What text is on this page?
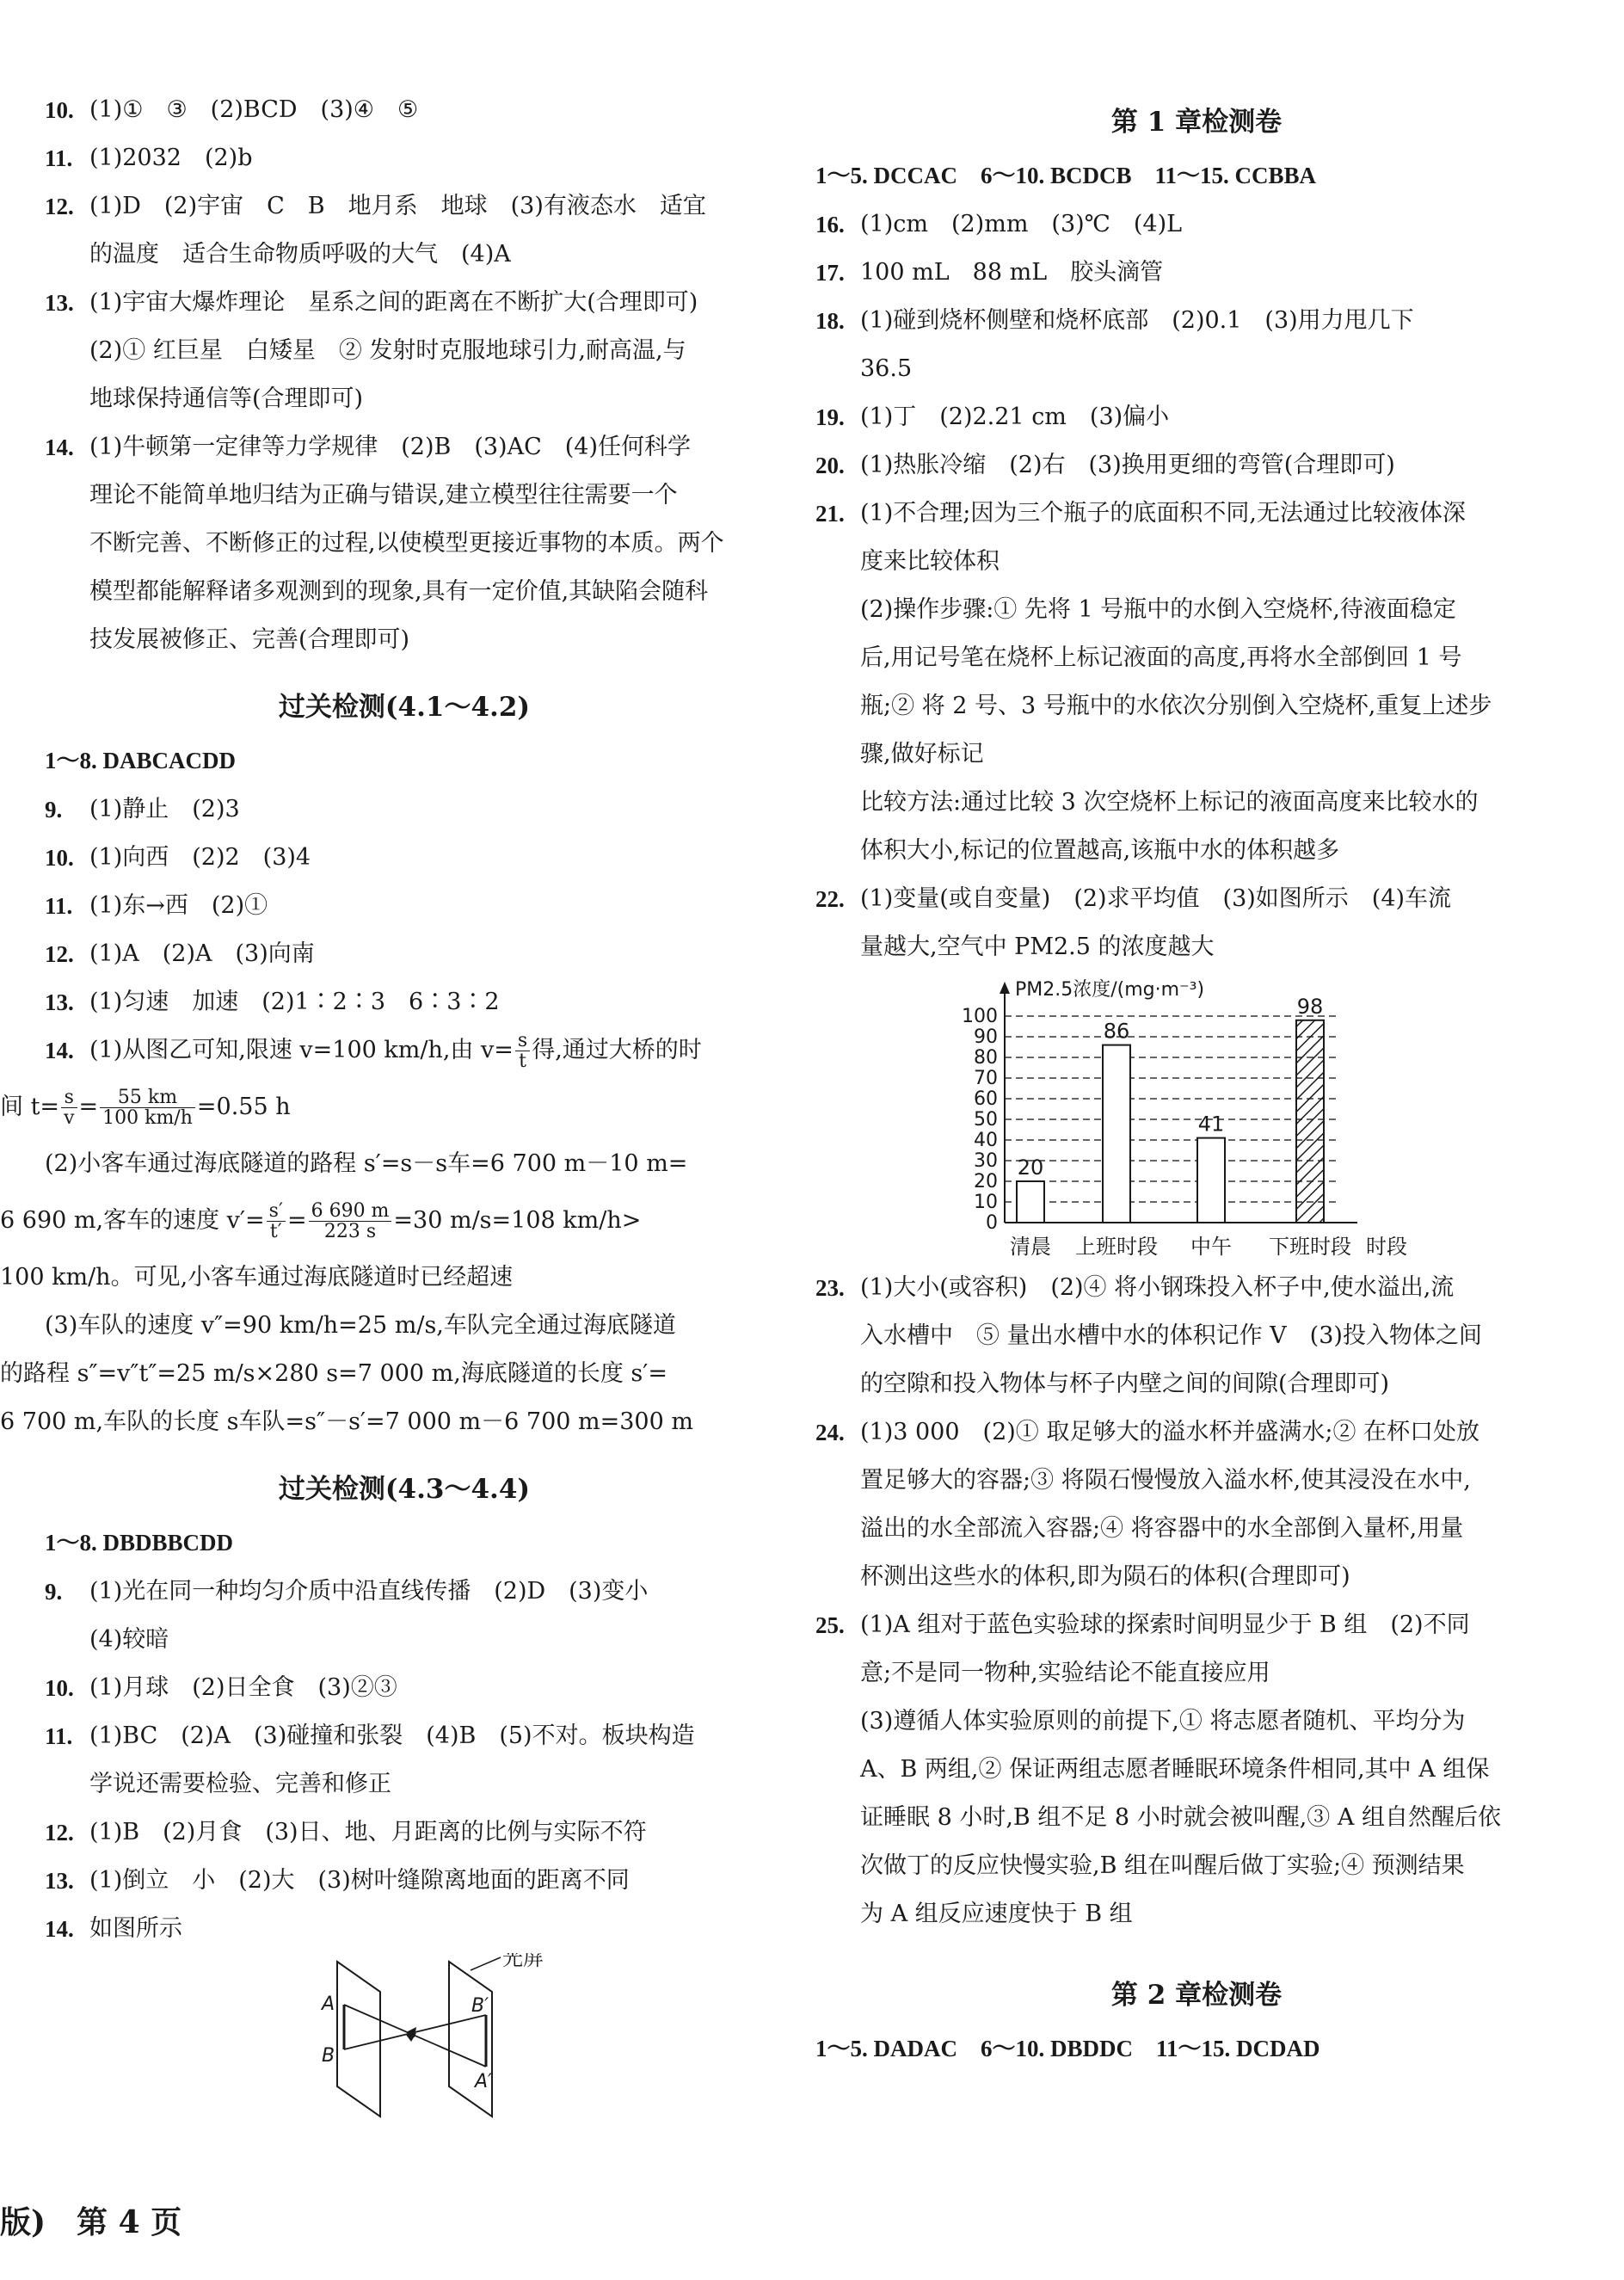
10. (1)①　③　(2)BCD　(3)④　⑤
11. (1)2032　(2)b
12. (1)D　(2)宇宙　C　B　地月系　地球　(3)有液态水　适宜
的温度　适合生命物质呼吸的大气　(4)A
13. (1)宇宙大爆炸理论　星系之间的距离在不断扩大(合理即可)
(2)① 红巨星　白矮星　② 发射时克服地球引力,耐高温,与
地球保持通信等(合理即可)
14. (1)牛顿第一定律等力学规律　(2)B　(3)AC　(4)任何科学
理论不能简单地归结为正确与错误,建立模型往往需要一个
不断完善、不断修正的过程,以使模型更接近事物的本质。两个
模型都能解释诸多观测到的现象,具有一定价值,其缺陷会随科
技发展被修正、完善(合理即可)
过关检测(4.1～4.2)

1～8. DABCACDD

9. (1)静止　(2)3
10. (1)向西　(2)2　(3)4
11. (1)东→西　(2)①
12. (1)A　(2)A　(3)向南
13. (1)匀速　加速　(2)1∶2∶3　6∶3∶2
14. (1)从图乙可知,限速 v=100 km/h,由 $v= \frac{s}{t}$ 得,通过大桥的时

间 $t= \frac{s}{v} = \frac{55 km}{100 km/h} =0.55$ h

(2)小客车通过海底隧道的路程 s′=s－s车=6 700 m－10 m=

6 690 m,客车的速度 $v'= \frac{s'}{t'} = \frac{6 690 m}{223 s} =30$ m/s=108 km/h>

100 km/h。可见,小客车通过海底隧道时已经超速

(3)车队的速度 v″=90 km/h=25 m/s,车队完全通过海底隧道

的路程 s″=v″t″=25 m/s×280 s=7 000 m,海底隧道的长度 s′=

6 700 m,车队的长度 s车队=s″－s′=7 000 m－6 700 m=300 m

过关检测(4.3～4.4)

1～8. DBDBBCDD

9. (1)光在同一种均匀介质中沿直线传播　(2)D　(3)变小
(4)较暗
10. (1)月球　(2)日全食　(3)②③
11. (1)BC　(2)A　(3)碰撞和张裂　(4)B　(5)不对。板块构造
学说还需要检验、完善和修正
12. (1)B　(2)月食　(3)日、地、月距离的比例与实际不符
13. (1)倒立　小　(2)大　(3)树叶缝隙离地面的距离不同
14. 如图所示
光屏
A
B
B′
A′
第 1 章检测卷

1～5. DCCAC　6～10. BCDCB　11～15. CCBBA

16. (1)cm　(2)mm　(3)℃　(4)L
17. 100 mL　88 mL　胶头滴管
18. (1)碰到烧杯侧壁和烧杯底部　(2)0.1　(3)用力甩几下
36.5
19. (1)丁　(2)2.21 cm　(3)偏小
20. (1)热胀冷缩　(2)右　(3)换用更细的弯管(合理即可)
21. (1)不合理;因为三个瓶子的底面积不同,无法通过比较液体深
度来比较体积
(2)操作步骤:① 先将 1 号瓶中的水倒入空烧杯,待液面稳定
后,用记号笔在烧杯上标记液面的高度,再将水全部倒回 1 号
瓶;② 将 2 号、3 号瓶中的水依次分别倒入空烧杯,重复上述步
骤,做好标记
比较方法:通过比较 3 次空烧杯上标记的液面高度来比较水的
体积大小,标记的位置越高,该瓶中水的体积越多
22. (1)变量(或自变量)　(2)求平均值　(3)如图所示　(4)车流
量越大,空气中 PM2.5 的浓度越大
0
10
20
30
40
50
60
70
80
90
100
PM2.5浓度/(mg·m⁻³)
时段
20
清晨
86
上班时段
41
中午
98
下班时段
23. (1)大小(或容积)　(2)④ 将小钢珠投入杯子中,使水溢出,流
入水槽中　⑤ 量出水槽中水的体积记作 V　(3)投入物体之间
的空隙和投入物体与杯子内壁之间的间隙(合理即可)
24. (1)3 000　(2)① 取足够大的溢水杯并盛满水;② 在杯口处放
置足够大的容器;③ 将陨石慢慢放入溢水杯,使其浸没在水中,
溢出的水全部流入容器;④ 将容器中的水全部倒入量杯,用量
杯测出这些水的体积,即为陨石的体积(合理即可)
25. (1)A 组对于蓝色实验球的探索时间明显少于 B 组　(2)不同
意;不是同一物种,实验结论不能直接应用
(3)遵循人体实验原则的前提下,① 将志愿者随机、平均分为
A、B 两组,② 保证两组志愿者睡眠环境条件相同,其中 A 组保
证睡眠 8 小时,B 组不足 8 小时就会被叫醒,③ A 组自然醒后依
次做丁的反应快慢实验,B 组在叫醒后做丁实验;④ 预测结果
为 A 组反应速度快于 B 组
第 2 章检测卷

1～5. DADAC　6～10. DBDDC　11～15. DCDAD

版)　第 4 页
